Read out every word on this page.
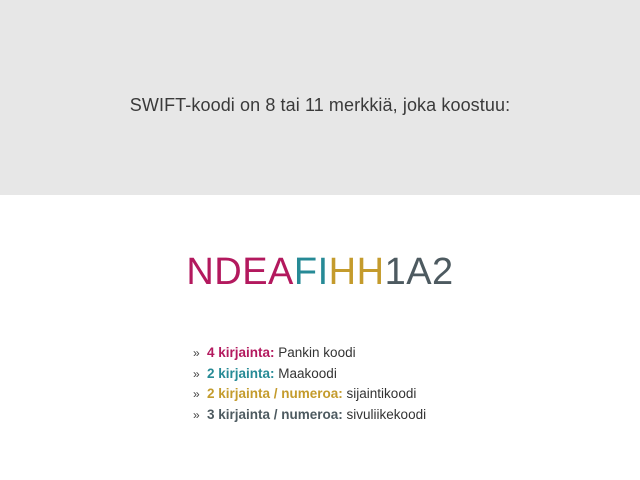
SWIFT-koodi on 8 tai 11 merkkiä, joka koostuu:
NDEAFIHH1A2
» 4 kirjainta: Pankin koodi
» 2 kirjainta: Maakoodi
» 2 kirjainta / numeroa: sijaintikoodi
» 3 kirjainta / numeroa: sivuliikekoodi
